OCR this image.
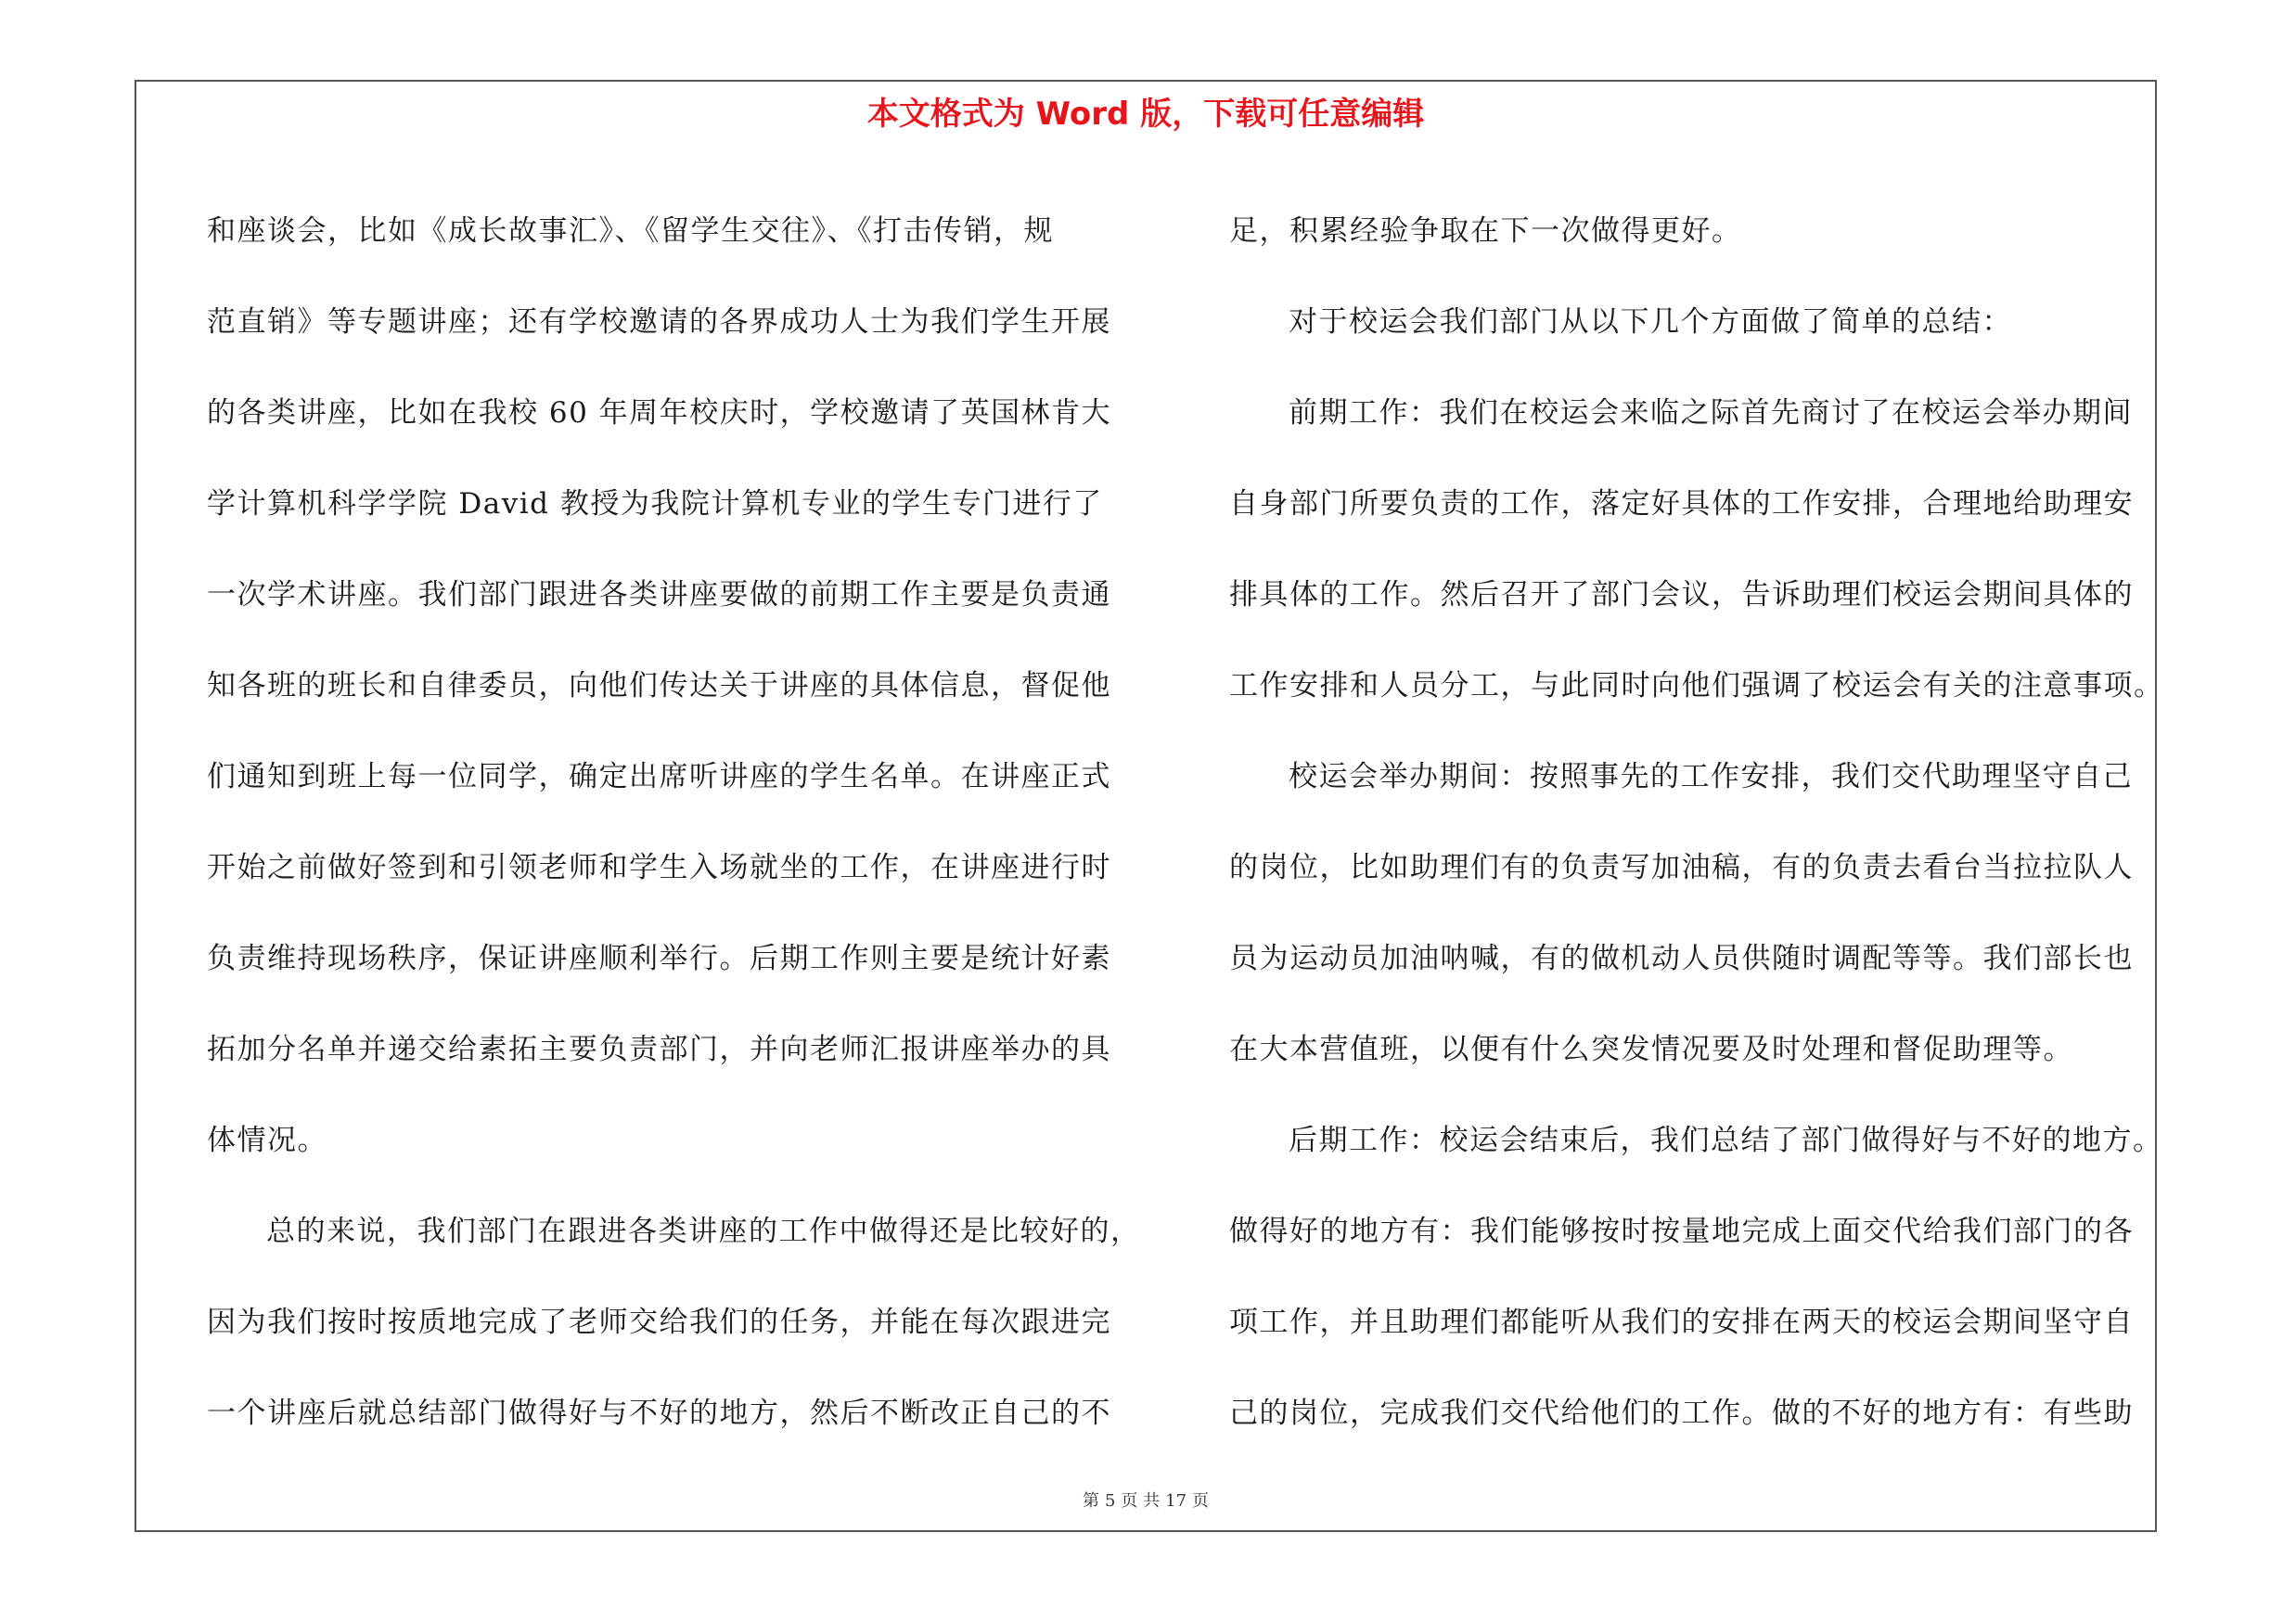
本文格式为 Word 版，下载可任意编辑
和座谈会，比如《成长故事汇》、《留学生交往》、《打击传销，规
范直销》等专题讲座；还有学校邀请的各界成功人士为我们学生开展
的各类讲座，比如在我校 60 年周年校庆时，学校邀请了英国林肯大
学计算机科学学院 David 教授为我院计算机专业的学生专门进行了
一次学术讲座。我们部门跟进各类讲座要做的前期工作主要是负责通
知各班的班长和自律委员，向他们传达关于讲座的具体信息，督促他
们通知到班上每一位同学，确定出席听讲座的学生名单。在讲座正式
开始之前做好签到和引领老师和学生入场就坐的工作，在讲座进行时
负责维持现场秩序，保证讲座顺利举行。后期工作则主要是统计好素
拓加分名单并递交给素拓主要负责部门，并向老师汇报讲座举办的具
体情况。
总的来说，我们部门在跟进各类讲座的工作中做得还是比较好的，
因为我们按时按质地完成了老师交给我们的任务，并能在每次跟进完
一个讲座后就总结部门做得好与不好的地方，然后不断改正自己的不
足，积累经验争取在下一次做得更好。
对于校运会我们部门从以下几个方面做了简单的总结：
前期工作：我们在校运会来临之际首先商讨了在校运会举办期间
自身部门所要负责的工作，落定好具体的工作安排，合理地给助理安
排具体的工作。然后召开了部门会议，告诉助理们校运会期间具体的
工作安排和人员分工，与此同时向他们强调了校运会有关的注意事项。
校运会举办期间：按照事先的工作安排，我们交代助理坚守自己
的岗位，比如助理们有的负责写加油稿，有的负责去看台当拉拉队人
员为运动员加油呐喊，有的做机动人员供随时调配等等。我们部长也
在大本营值班，以便有什么突发情况要及时处理和督促助理等。
后期工作：校运会结束后，我们总结了部门做得好与不好的地方。
做得好的地方有：我们能够按时按量地完成上面交代给我们部门的各
项工作，并且助理们都能听从我们的安排在两天的校运会期间坚守自
己的岗位，完成我们交代给他们的工作。做的不好的地方有：有些助
第 5 页 共 17 页
